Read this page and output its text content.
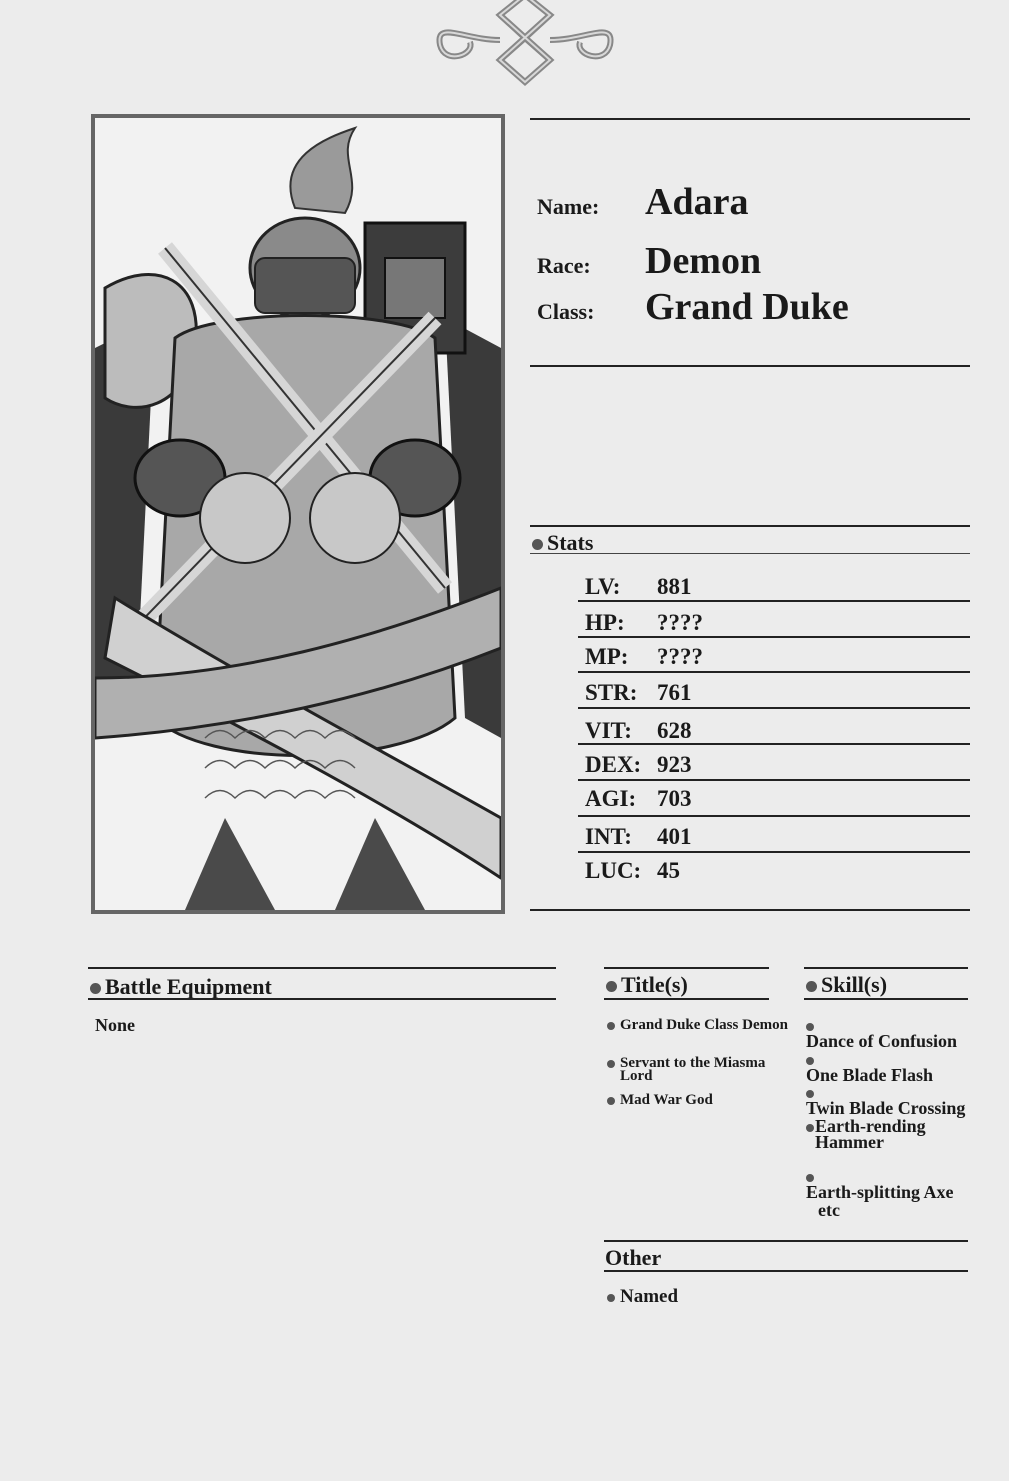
Name: Adara
Race: Demon
Class: Grand Duke
Stats
LV: 881
HP: ????
MP: ????
STR: 761
VIT: 628
DEX: 923
AGI: 703
INT: 401
LUC: 45
Battle Equipment
None
Title(s)
Grand Duke Class Demon
Servant to the Miasma Lord
Mad War God
Skill(s)
Dance of Confusion
One Blade Flash
Twin Blade Crossing
Earth-rending Hammer
Earth-splitting Axe
etc
Other
Named
